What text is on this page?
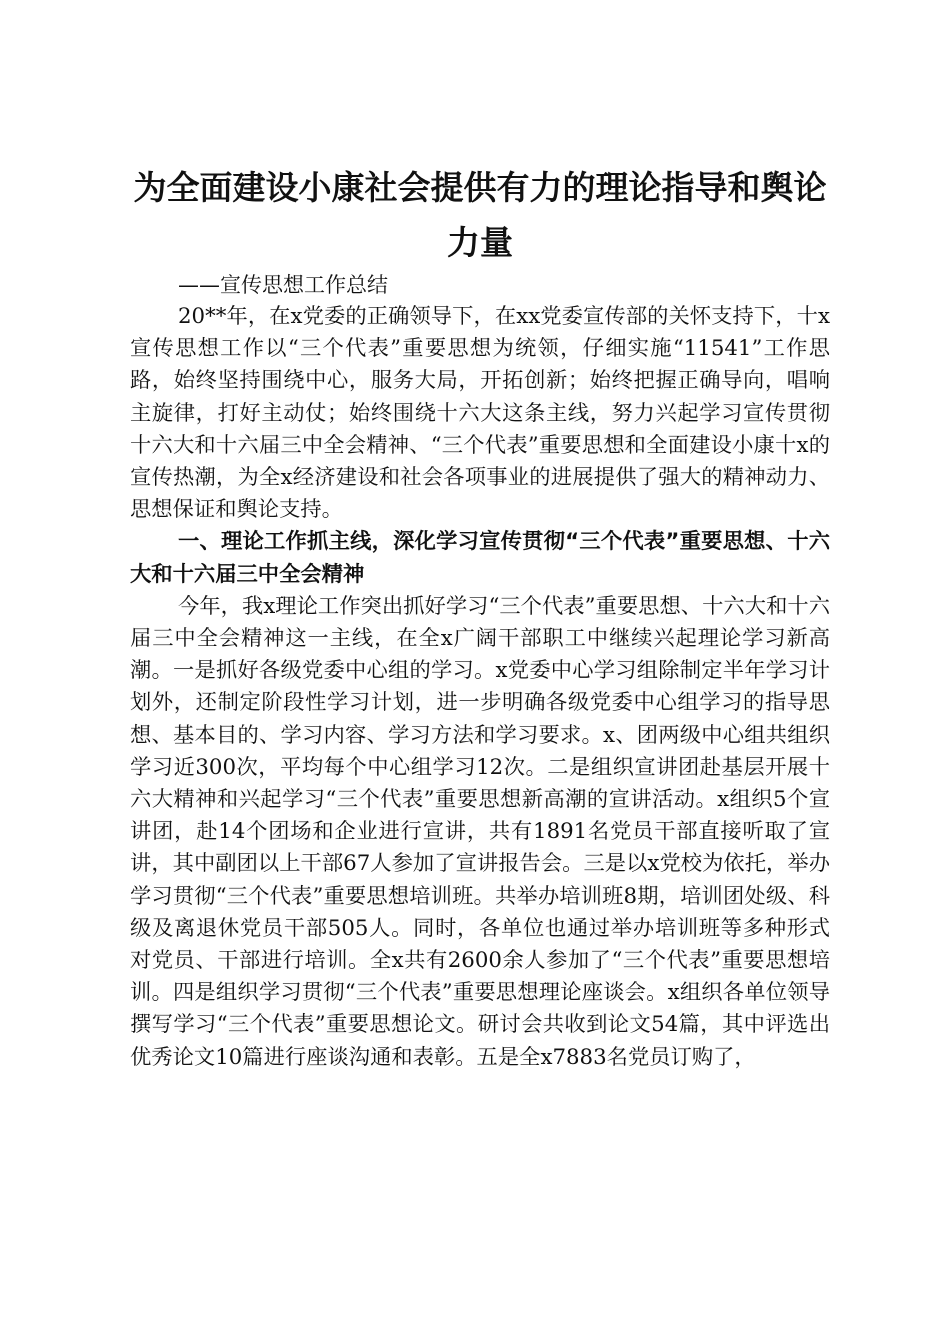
为全面建设小康社会提供有力的理论指导和舆论力量

——宣传思想工作总结

20**年，在x党委的正确领导下，在xx党委宣传部的关怀支持下，十x宣传思想工作以“三个代表”重要思想为统领，仔细实施“11541”工作思路，始终坚持围绕中心，服务大局，开拓创新；始终把握正确导向，唱响主旋律，打好主动仗；始终围绕十六大这条主线，努力兴起学习宣传贯彻十六大和十六届三中全会精神、“三个代表”重要思想和全面建设小康十x的宣传热潮，为全x经济建设和社会各项事业的进展提供了强大的精神动力、思想保证和舆论支持。

一、理论工作抓主线，深化学习宣传贯彻“三个代表”重要思想、十六大和十六届三中全会精神

今年，我x理论工作突出抓好学习“三个代表”重要思想、十六大和十六届三中全会精神这一主线，在全x广阔干部职工中继续兴起理论学习新高潮。一是抓好各级党委中心组的学习。x党委中心学习组除制定半年学习计划外，还制定阶段性学习计划，进一步明确各级党委中心组学习的指导思想、基本目的、学习内容、学习方法和学习要求。x、团两级中心组共组织学习近300次，平均每个中心组学习12次。二是组织宣讲团赴基层开展十六大精神和兴起学习“三个代表”重要思想新高潮的宣讲活动。x组织5个宣讲团，赴14个团场和企业进行宣讲，共有1891名党员干部直接听取了宣讲，其中副团以上干部67人参加了宣讲报告会。三是以x党校为依托，举办学习贯彻“三个代表”重要思想培训班。共举办培训班8期，培训团处级、科级及离退休党员干部505人。同时，各单位也通过举办培训班等多种形式对党员、干部进行培训。全x共有2600余人参加了“三个代表”重要思想培训。四是组织学习贯彻“三个代表”重要思想理论座谈会。x组织各单位领导撰写学习“三个代表”重要思想论文。研讨会共收到论文54篇，其中评选出优秀论文10篇进行座谈沟通和表彰。五是全x7883名党员订购了，
